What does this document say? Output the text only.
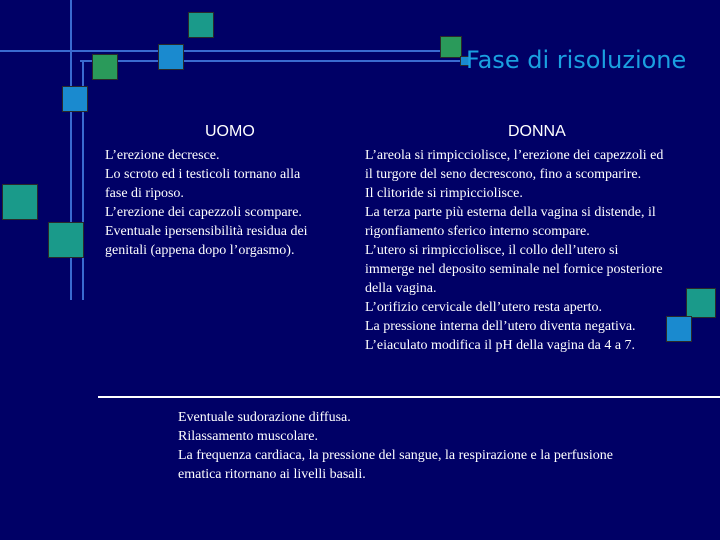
Fase di risoluzione
UOMO	DONNA
L’erezione decresce.
Lo scroto ed i testicoli tornano alla
fase di riposo.
L’erezione dei capezzoli scompare.
Eventuale ipersensibilità residua dei
genitali (appena dopo l’orgasmo).
L’areola si rimpicciolisce, l’erezione dei capezzoli ed
il turgore del seno decrescono, fino a scomparire.
Il clitoride si rimpicciolisce.
La terza parte più esterna della vagina si distende, il
rigonfiamento sferico interno scompare.
L’utero si rimpicciolisce, il collo dell’utero si
immerge nel deposito seminale nel fornice posteriore
della vagina.
L’orifizio cervicale dell’utero resta aperto.
La pressione interna dell’utero diventa negativa.
L’eiaculato modifica il pH della vagina da 4 a 7.
Eventuale sudorazione diffusa.
Rilassamento muscolare.
La frequenza cardiaca, la pressione del sangue, la respirazione e la perfusione
ematica ritornano ai livelli basali.
